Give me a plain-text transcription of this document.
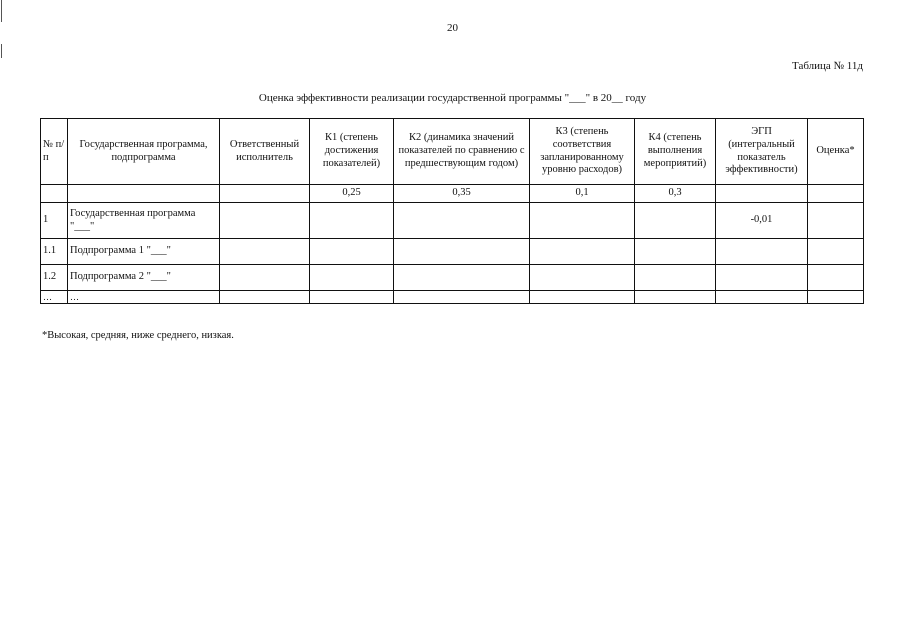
20
Таблица № 11д
Оценка эффективности реализации государственной программы "___" в 20__ году
№ п/п	Государственная программа, подпрограмма	Ответственный исполнитель	К1 (степень достижения показателей)	К2 (динамика значений показателей по сравнению с предшествующим годом)	К3 (степень соответствия запланированному уровню расходов)	К4 (степень выполнения мероприятий)	ЭГП (интегральный показатель эффективности)	Оценка*
			0,25	0,35	0,1	0,3		
1	Государственная программа "___"						-0,01	
1.1	Подпрограмма 1 "___"							
1.2	Подпрограмма 2 "___"							
…	…							
*Высокая, средняя, ниже среднего, низкая.
